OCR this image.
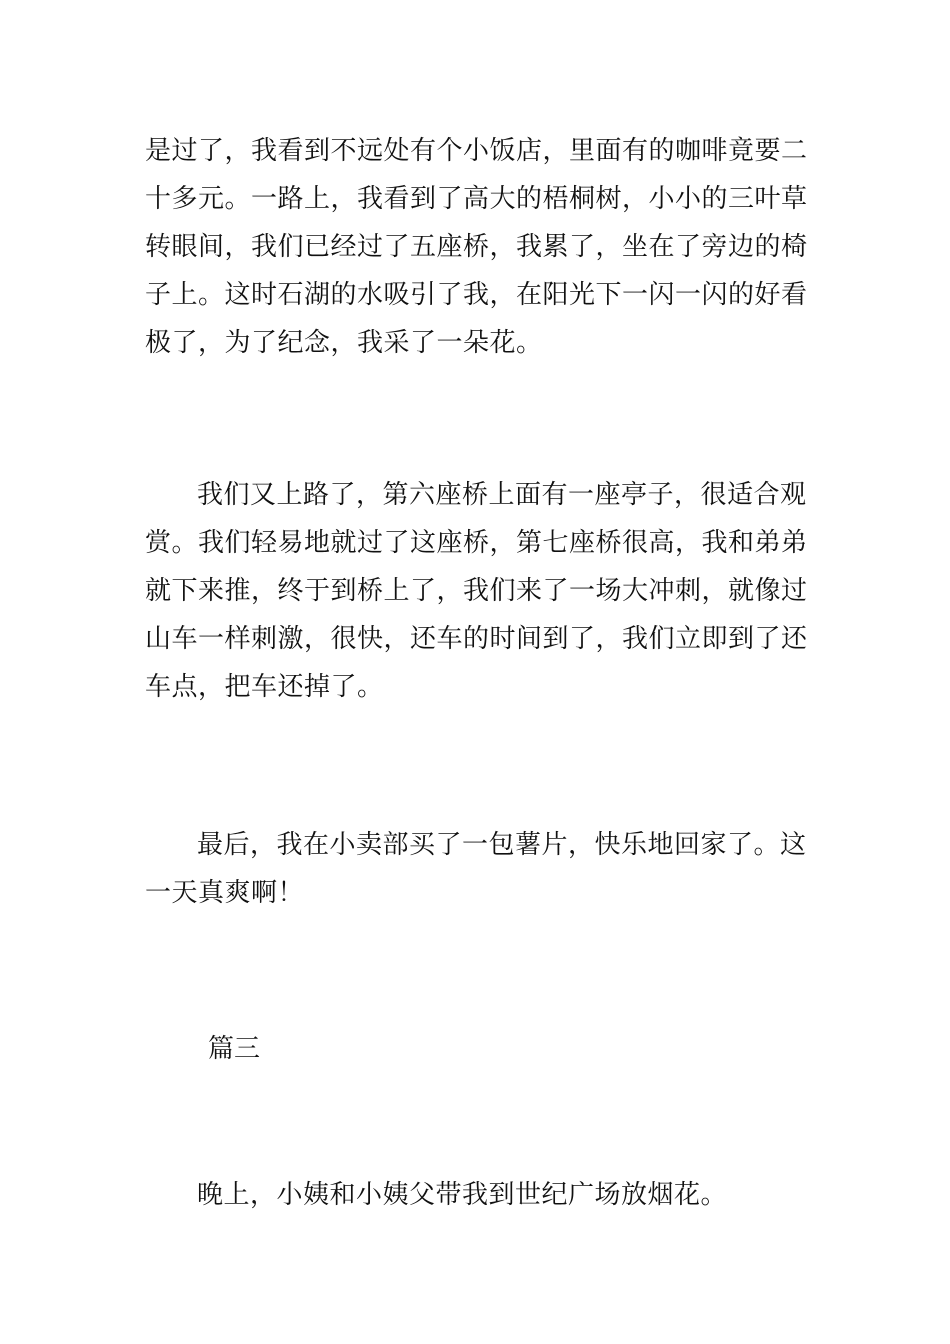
是过了，我看到不远处有个小饭店，里面有的咖啡竟要二
十多元。一路上，我看到了高大的梧桐树，小小的三叶草
转眼间，我们已经过了五座桥，我累了，坐在了旁边的椅
子上。这时石湖的水吸引了我，在阳光下一闪一闪的好看
极了，为了纪念，我采了一朵花。
我们又上路了，第六座桥上面有一座亭子，很适合观
赏。我们轻易地就过了这座桥，第七座桥很高，我和弟弟
就下来推，终于到桥上了，我们来了一场大冲刺，就像过
山车一样刺激，很快，还车的时间到了，我们立即到了还
车点，把车还掉了。
最后，我在小卖部买了一包薯片，快乐地回家了。这
一天真爽啊！
篇三
晚上，小姨和小姨父带我到世纪广场放烟花。
